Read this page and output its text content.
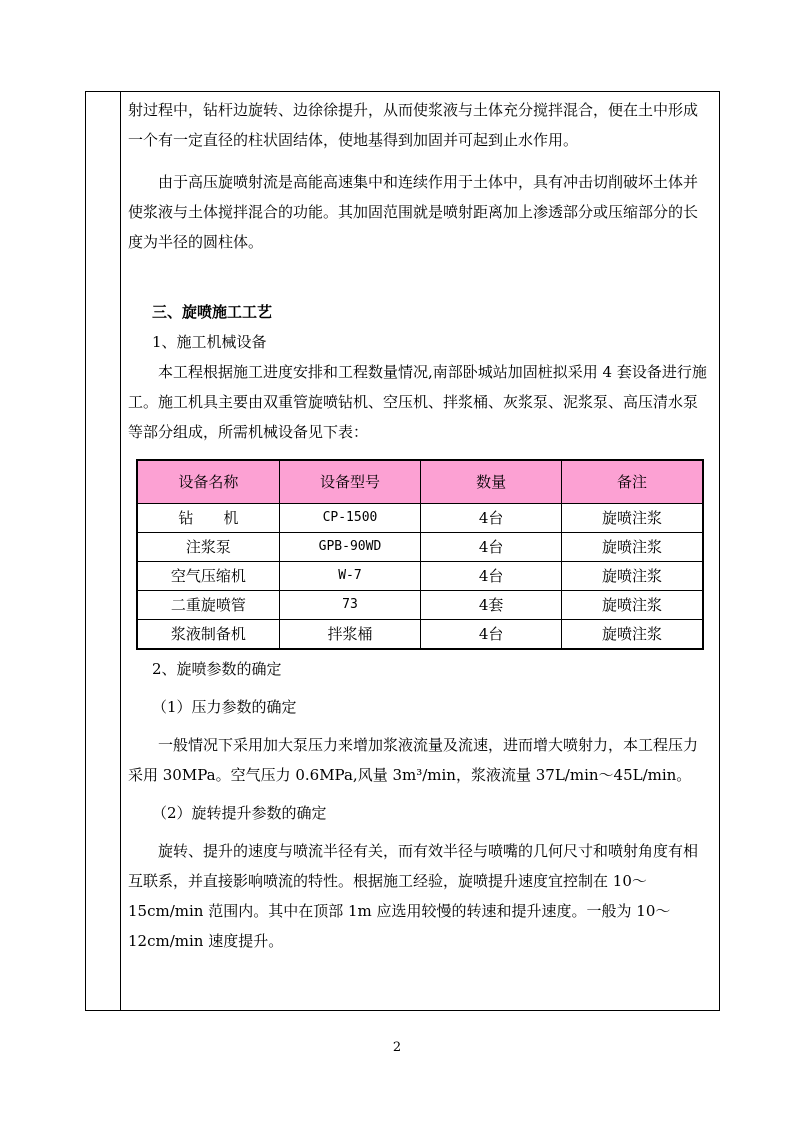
射过程中，钻杆边旋转、边徐徐提升，从而使浆液与土体充分搅拌混合，便在土中形成一个有一定直径的柱状固结体，使地基得到加固并可起到止水作用。

由于高压旋喷射流是高能高速集中和连续作用于土体中，具有冲击切削破坏土体并使浆液与土体搅拌混合的功能。其加固范围就是喷射距离加上渗透部分或压缩部分的长度为半径的圆柱体。

三、旋喷施工工艺

1、施工机械设备

本工程根据施工进度安排和工程数量情况,南部卧城站加固桩拟采用 4 套设备进行施工。施工机具主要由双重管旋喷钻机、空压机、拌浆桶、灰浆泵、泥浆泵、高压清水泵等部分组成，所需机械设备见下表：

设备名称	设备型号	数量	备注
钻　　机	CP-1500	4台	旋喷注浆
注浆泵	GPB-90WD	4台	旋喷注浆
空气压缩机	W-7	4台	旋喷注浆
二重旋喷管	73	4套	旋喷注浆
浆液制备机	拌浆桶	4台	旋喷注浆

2、旋喷参数的确定

（1）压力参数的确定

一般情况下采用加大泵压力来增加浆液流量及流速，进而增大喷射力，本工程压力采用 30MPa。空气压力 0.6MPa,风量 3m³/min，浆液流量 37L/min～45L/min。

（2）旋转提升参数的确定

旋转、提升的速度与喷流半径有关，而有效半径与喷嘴的几何尺寸和喷射角度有相互联系，并直接影响喷流的特性。根据施工经验，旋喷提升速度宜控制在 10～15cm/min 范围内。其中在顶部 1m 应选用较慢的转速和提升速度。一般为 10～12cm/min 速度提升。

2
